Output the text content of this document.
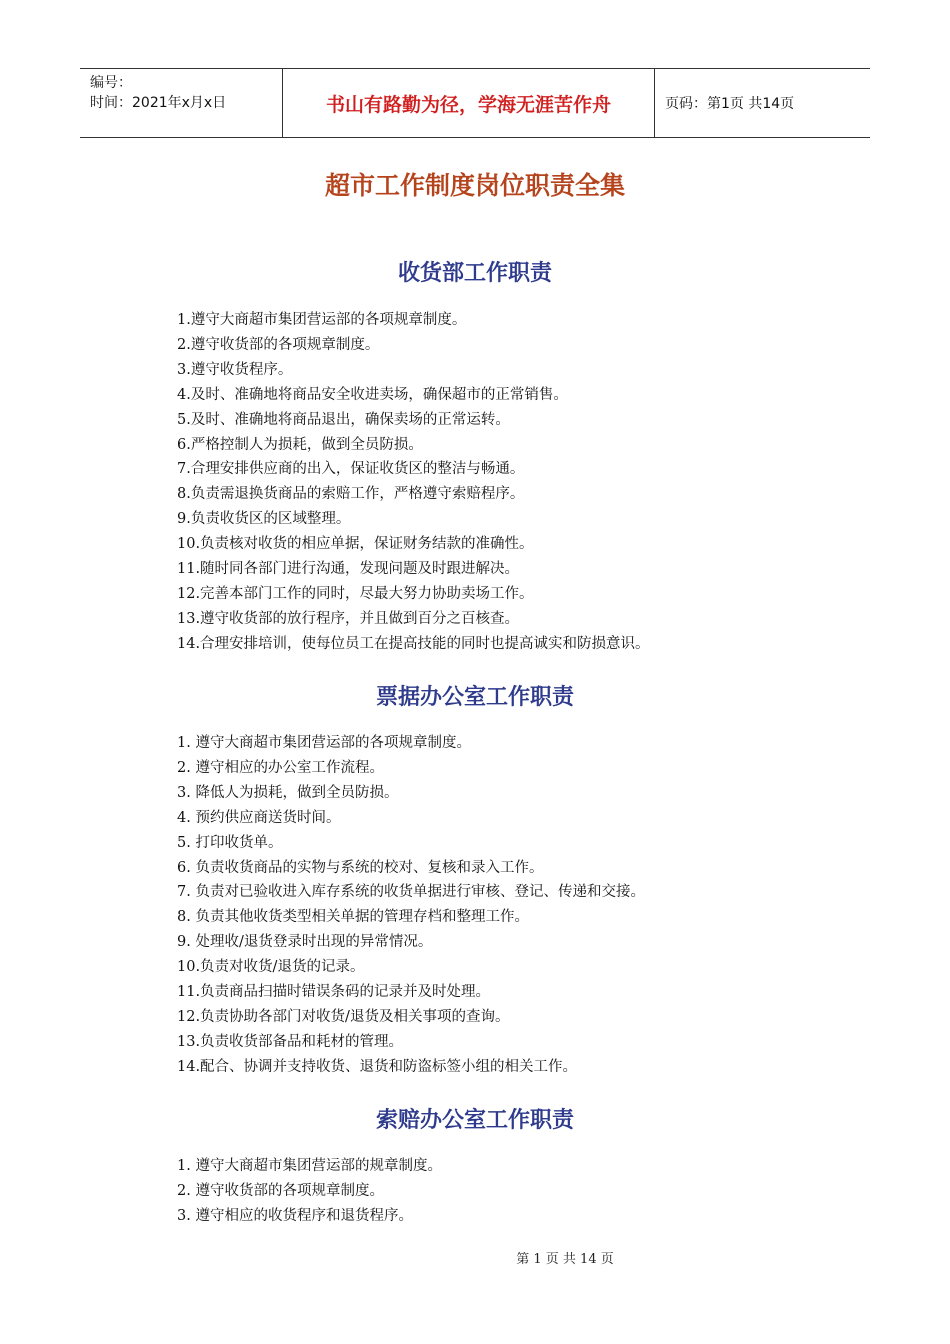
编号：
时间：2021年x月x日	书山有路勤为径，学海无涯苦作舟	页码：第1页 共14页
超市工作制度岗位职责全集
收货部工作职责
1.遵守大商超市集团营运部的各项规章制度。
2.遵守收货部的各项规章制度。
3.遵守收货程序。
4.及时、准确地将商品安全收进卖场，确保超市的正常销售。
5.及时、准确地将商品退出，确保卖场的正常运转。
6.严格控制人为损耗，做到全员防损。
7.合理安排供应商的出入，保证收货区的整洁与畅通。
8.负责需退换货商品的索赔工作，严格遵守索赔程序。
9.负责收货区的区域整理。
10.负责核对收货的相应单据，保证财务结款的准确性。
11.随时同各部门进行沟通，发现问题及时跟进解决。
12.完善本部门工作的同时，尽最大努力协助卖场工作。
13.遵守收货部的放行程序，并且做到百分之百核查。
14.合理安排培训，使每位员工在提高技能的同时也提高诚实和防损意识。
票据办公室工作职责
1. 遵守大商超市集团营运部的各项规章制度。
2. 遵守相应的办公室工作流程。
3. 降低人为损耗，做到全员防损。
4. 预约供应商送货时间。
5. 打印收货单。
6. 负责收货商品的实物与系统的校对、复核和录入工作。
7. 负责对已验收进入库存系统的收货单据进行审核、登记、传递和交接。
8. 负责其他收货类型相关单据的管理存档和整理工作。
9. 处理收/退货登录时出现的异常情况。
10.负责对收货/退货的记录。
11.负责商品扫描时错误条码的记录并及时处理。
12.负责协助各部门对收货/退货及相关事项的查询。
13.负责收货部备品和耗材的管理。
14.配合、协调并支持收货、退货和防盗标签小组的相关工作。
索赔办公室工作职责
1. 遵守大商超市集团营运部的规章制度。
2. 遵守收货部的各项规章制度。
3. 遵守相应的收货程序和退货程序。
第 1 页 共 14 页
